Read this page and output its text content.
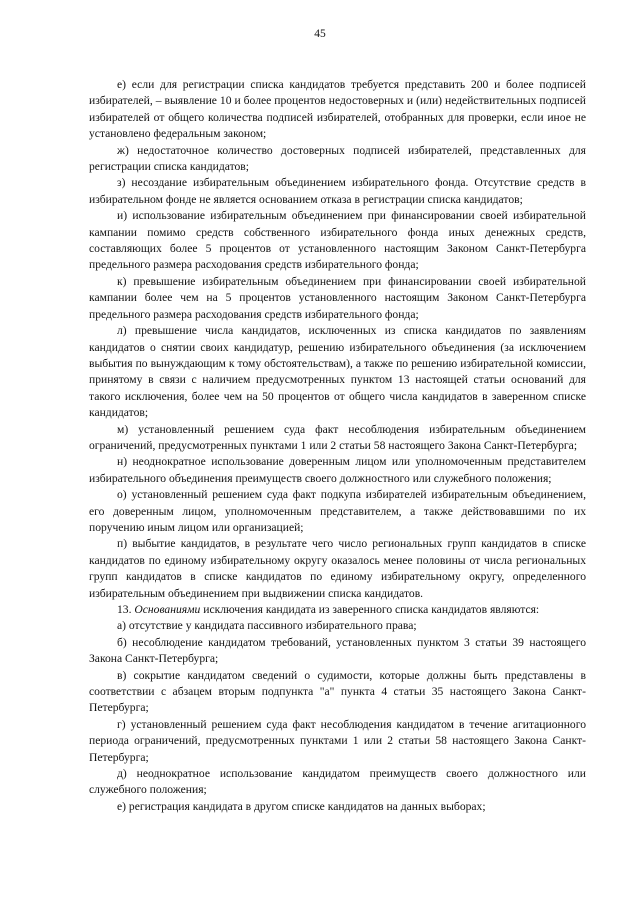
45

е) если для регистрации списка кандидатов требуется представить 200 и более подписей избирателей, – выявление 10 и более процентов недостоверных и (или) недействительных подписей избирателей от общего количества подписей избирателей, отобранных для проверки, если иное не установлено федеральным законом;

ж) недостаточное количество достоверных подписей избирателей, представленных для регистрации списка кандидатов;

з) несоздание избирательным объединением избирательного фонда. Отсутствие средств в избирательном фонде не является основанием отказа в регистрации списка кандидатов;

и) использование избирательным объединением при финансировании своей избирательной кампании помимо средств собственного избирательного фонда иных денежных средств, составляющих более 5 процентов от установленного настоящим Законом Санкт-Петербурга предельного размера расходования средств избирательного фонда;

к) превышение избирательным объединением при финансировании своей избирательной кампании более чем на 5 процентов установленного настоящим Законом Санкт-Петербурга предельного размера расходования средств избирательного фонда;

л) превышение числа кандидатов, исключенных из списка кандидатов по заявлениям кандидатов о снятии своих кандидатур, решению избирательного объединения (за исключением выбытия по вынуждающим к тому обстоятельствам), а также по решению избирательной комиссии, принятому в связи с наличием предусмотренных пунктом 13 настоящей статьи оснований для такого исключения, более чем на 50 процентов от общего числа кандидатов в заверенном списке кандидатов;

м) установленный решением суда факт несоблюдения избирательным объединением ограничений, предусмотренных пунктами 1 или 2 статьи 58 настоящего Закона Санкт-Петербурга;

н) неоднократное использование доверенным лицом или уполномоченным представителем избирательного объединения преимуществ своего должностного или служебного положения;

о) установленный решением суда факт подкупа избирателей избирательным объединением, его доверенным лицом, уполномоченным представителем, а также действовавшими по их поручению иным лицом или организацией;

п) выбытие кандидатов, в результате чего число региональных групп кандидатов в списке кандидатов по единому избирательному округу оказалось менее половины от числа региональных групп кандидатов в списке кандидатов по единому избирательному округу, определенного избирательным объединением при выдвижении списка кандидатов.

13. Основаниями исключения кандидата из заверенного списка кандидатов являются:

а) отсутствие у кандидата пассивного избирательного права;

б) несоблюдение кандидатом требований, установленных пунктом 3 статьи 39 настоящего Закона Санкт-Петербурга;

в) сокрытие кандидатом сведений о судимости, которые должны быть представлены в соответствии с абзацем вторым подпункта "а" пункта 4 статьи 35 настоящего Закона Санкт-Петербурга;

г) установленный решением суда факт несоблюдения кандидатом в течение агитационного периода ограничений, предусмотренных пунктами 1 или 2 статьи 58 настоящего Закона Санкт-Петербурга;

д) неоднократное использование кандидатом преимуществ своего должностного или служебного положения;

е) регистрация кандидата в другом списке кандидатов на данных выборах;
